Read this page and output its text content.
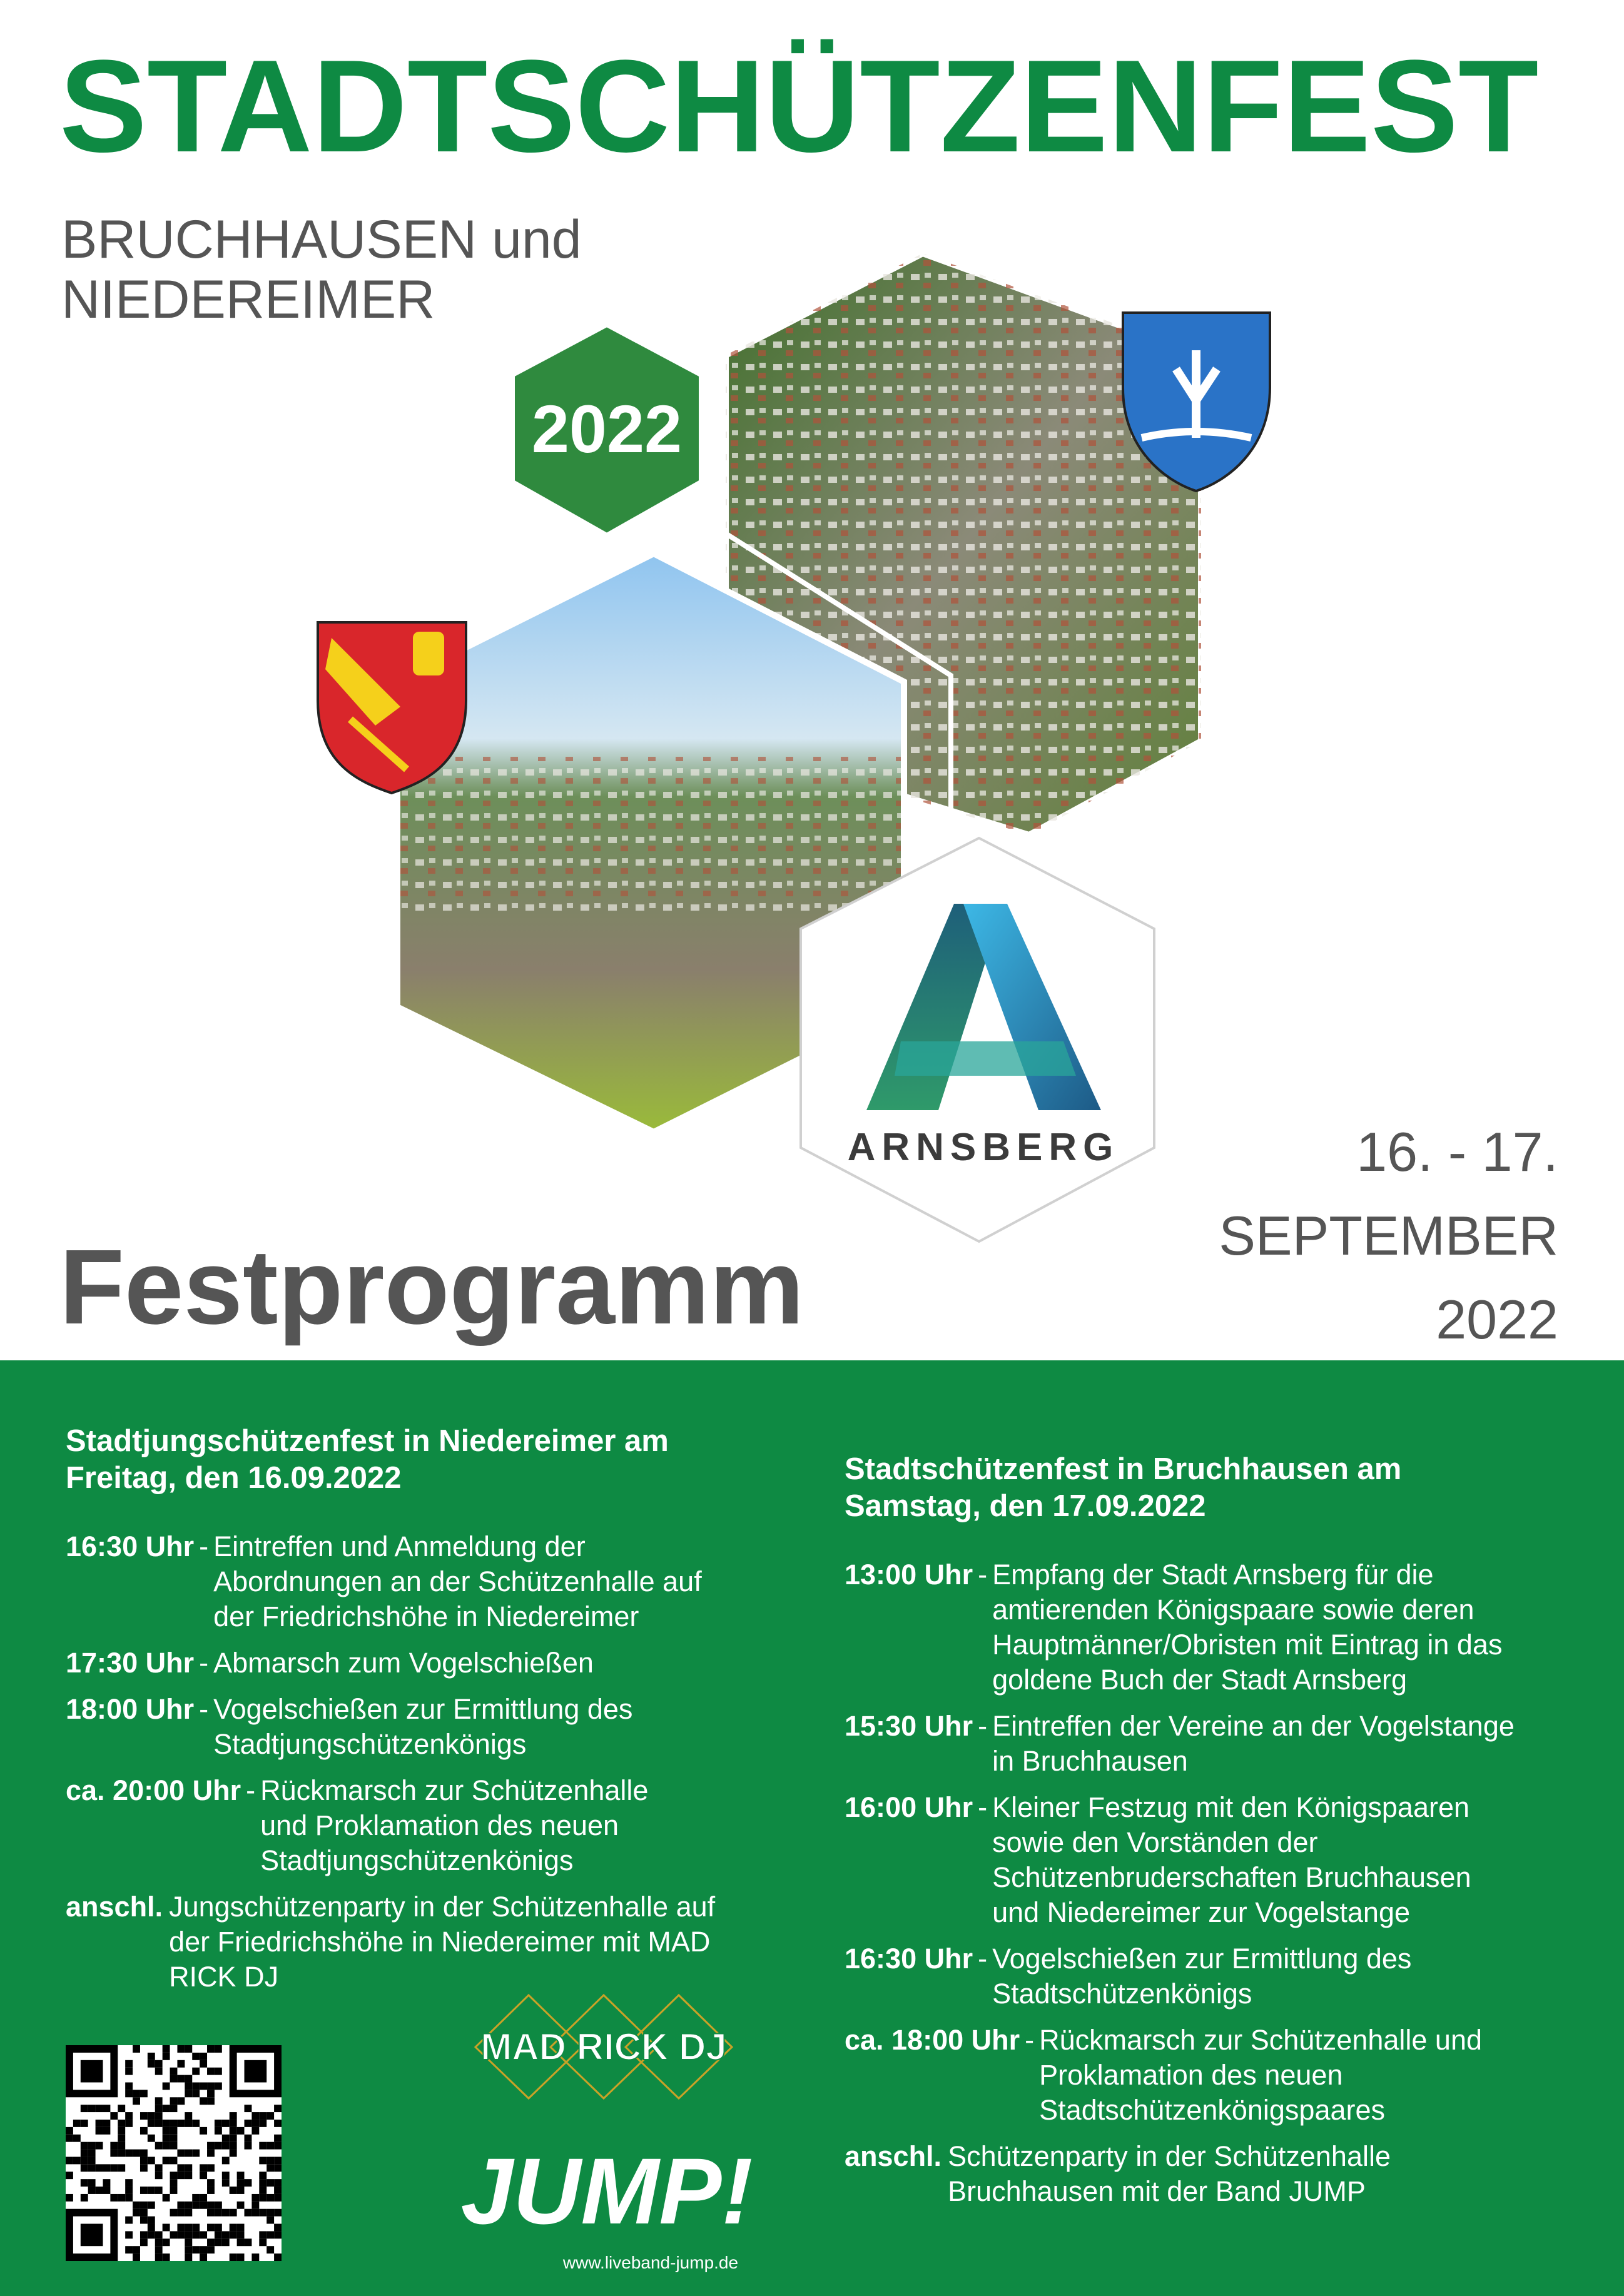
STADTSCHÜTZENFEST
BRUCHHAUSEN und
NIEDEREIMER
2022
ARNSBERG	16. - 17.
SEPTEMBER
2022
Festprogramm
Stadtjungschützenfest in Niedereimer am
Freitag, den 16.09.2022
16:30 Uhr - Eintreffen und Anmeldung der
Abordnungen an der Schützenhalle auf
der Friedrichshöhe in Niedereimer
17:30 Uhr - Abmarsch zum Vogelschießen
18:00 Uhr - Vogelschießen zur Ermittlung des
Stadtjungschützenkönigs
ca. 20:00 Uhr - Rückmarsch zur Schützenhalle
und Proklamation des neuen
Stadtjungschützenkönigs
anschl. Jungschützenparty in der Schützenhalle auf
der Friedrichshöhe in Niedereimer mit MAD
RICK DJ
Stadtschützenfest in Bruchhausen am
Samstag, den 17.09.2022
13:00 Uhr - Empfang der Stadt Arnsberg für die
amtierenden Königspaare sowie deren
Hauptmänner/Obristen mit Eintrag in das
goldene Buch der Stadt Arnsberg
15:30 Uhr - Eintreffen der Vereine an der Vogelstange
in Bruchhausen
16:00 Uhr - Kleiner Festzug mit den Königspaaren
sowie den Vorständen der
Schützenbruderschaften Bruchhausen
und Niedereimer zur Vogelstange
16:30 Uhr - Vogelschießen zur Ermittlung des
Stadtschützenkönigs
ca. 18:00 Uhr - Rückmarsch zur Schützenhalle und
Proklamation des neuen
Stadtschützenkönigspaares
anschl. Schützenparty in der Schützenhalle
Bruchhausen mit der Band JUMP
MAD RICK DJ
JUMP!
www.liveband-jump.de
